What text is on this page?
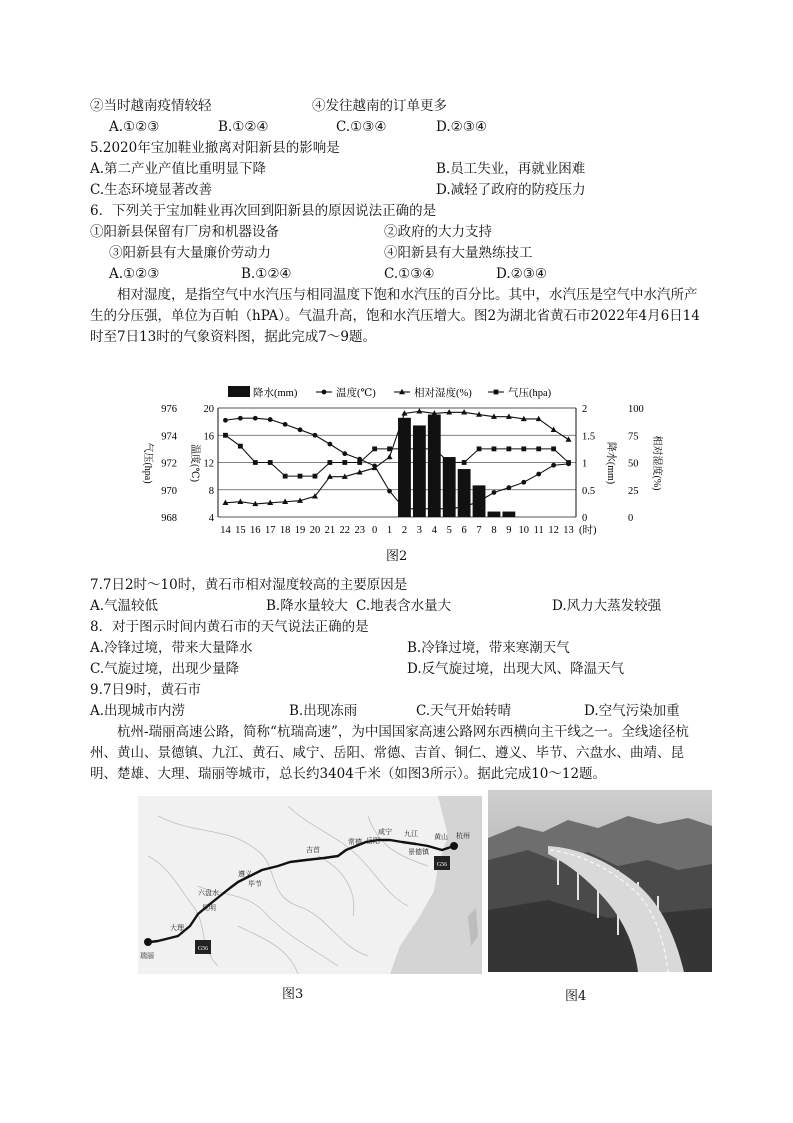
②当时越南疫情较轻	④发往越南的订单更多
A.①②③	B.①②④	C.①③④	D.②③④
5.2020年宝加鞋业撤离对阳新县的影响是
A.第二产业产值比重明显下降	B.员工失业，再就业困难
C.生态环境显著改善	D.减轻了政府的防疫压力
6．下列关于宝加鞋业再次回到阳新县的原因说法正确的是
①阳新县保留有厂房和机器设备	②政府的大力支持
③阳新县有大量廉价劳动力	④阳新县有大量熟练技工
A.①②③	B.①②④	C.①③④	D.②③④
相对湿度，是指空气中水汽压与相同温度下饱和水汽压的百分比。其中，水汽压是空气中水汽所产生的分压强，单位为百帕（hPA）。气温升高，饱和水汽压增大。图2为湖北省黄石市2022年4月6日14时至7日13时的气象资料图，据此完成7～9题。
降水(mm)	温度(℃)	相对湿度(%)	气压(hpa)
968
970
972
974
976
4
8
12
16
20
0
0.5
1
1.5
2
0
25
50
75
100
气压(hpa)	温度(℃)	降水(mm)	相对湿度(%)
14 15 16 17 18 19 20 21 22 23 0 1 2 3 4 5 6 7 8 9 10 11 12 13 (时)
图2
7.7日2时～10时，黄石市相对湿度较高的主要原因是
A.气温较低	B.降水量较大 C.地表含水量大	D.风力大蒸发较强
8．对于图示时间内黄石市的天气说法正确的是
A.冷锋过境，带来大量降水	B.冷锋过境，带来寒潮天气
C.气旋过境，出现少量降	D.反气旋过境，出现大风、降温天气
9.7日9时，黄石市
A.出现城市内涝	B.出现冻雨	C.天气开始转晴	D.空气污染加重
杭州-瑞丽高速公路，简称“杭瑞高速”，为中国国家高速公路网东西横向主干线之一。全线途径杭州、黄山、景德镇、九江、黄石、咸宁、岳阳、常德、吉首、铜仁、遵义、毕节、六盘水、曲靖、昆明、楚雄、大理、瑞丽等城市，总长约3404千米（如图3所示）。据此完成10～12题。
杭州
黄山
景德镇
九江
咸宁
岳阳
常德
吉首
遵义
毕节
六盘水
昆明
大理
瑞丽
G56
G56
图3	图4
